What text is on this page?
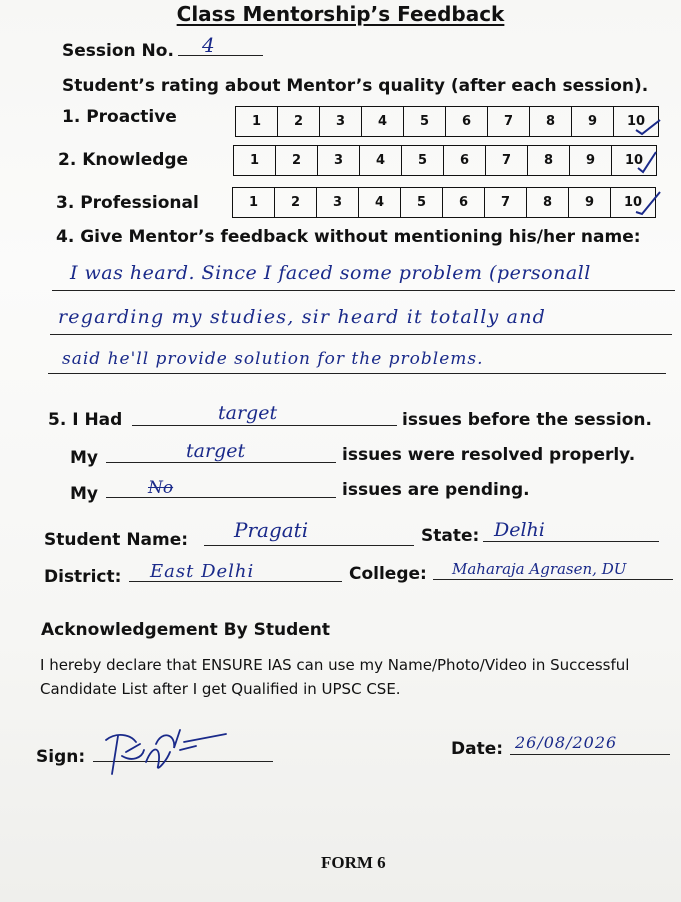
Class Mentorship’s Feedback
Session No. 4
Student’s rating about Mentor’s quality (after each session).
1. Proactive	1	2	3	4	5	6	7	8	9	10
2. Knowledge	1	2	3	4	5	6	7	8	9	10
3. Professional	1	2	3	4	5	6	7	8	9	10
4. Give Mentor’s feedback without mentioning his/her name:
I was heard. Since I faced some problem (personall
regarding my studies, sir heard it totally and
said he'll provide solution for the problems.
5. I Had	target	issues before the session.
My	target	issues were resolved properly.
My	No	issues are pending.
Student Name: Pragati	State: Delhi
District: East Delhi	College: Maharaja Agrasen, DU
Acknowledgement By Student
I hereby declare that ENSURE IAS can use my Name/Photo/Video in Successful
Candidate List after I get Qualified in UPSC CSE.
Sign:	Date: 26/08/2026
FORM 6
